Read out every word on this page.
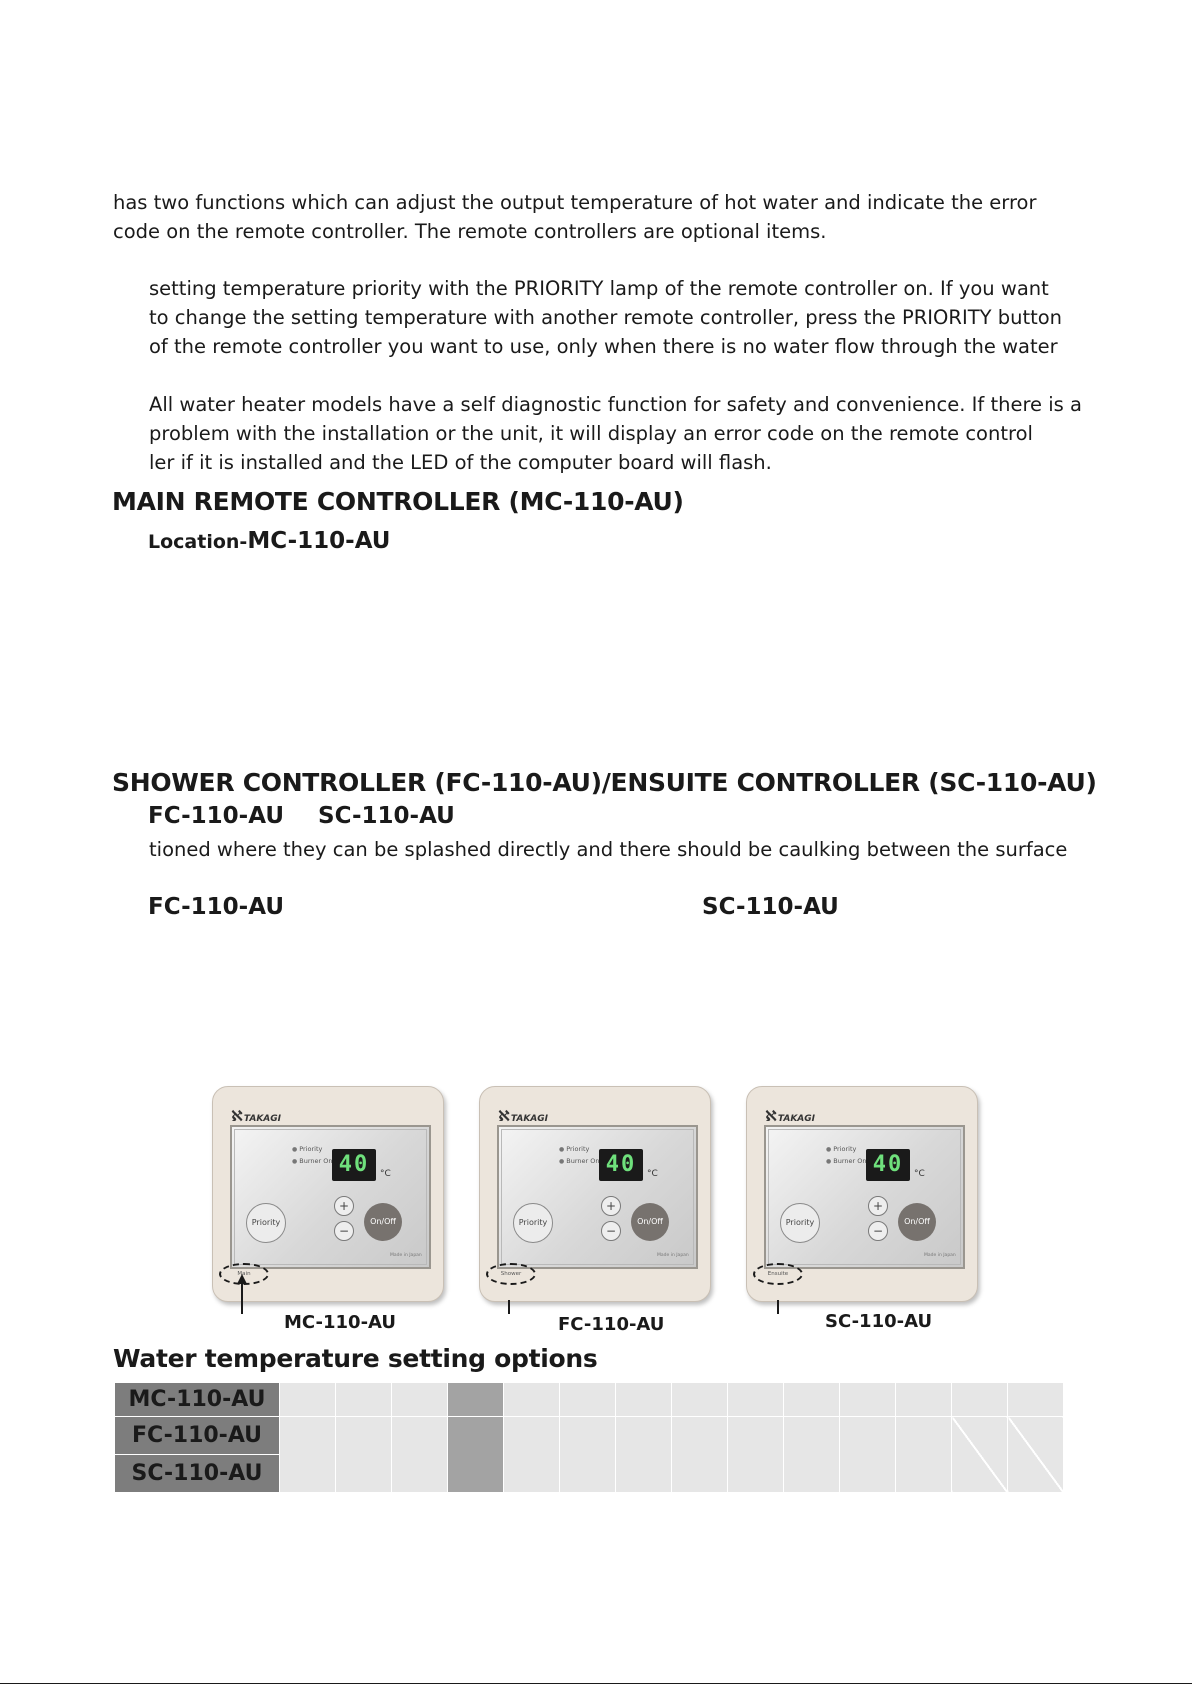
has two functions which can adjust the output temperature of hot water and indicate the error
code on the remote controller. The remote controllers are optional items.
setting temperature priority with the PRIORITY lamp of the remote controller on. If you want
to change the setting temperature with another remote controller, press the PRIORITY button
of the remote controller you want to use, only when there is no water flow through the water
All water heater models have a self diagnostic function for safety and convenience. If there is a
problem with the installation or the unit, it will display an error code on the remote control
ler if it is installed and the LED of the computer board will flash.
MAIN REMOTE CONTROLLER (MC-110-AU)
Location-MC-110-AU
SHOWER CONTROLLER (FC-110-AU)/ENSUITE CONTROLLER (SC-110-AU)
FC-110-AU SC-110-AU
tioned where they can be splashed directly and there should be caulking between the surface
FC-110-AU	SC-110-AU
ℵTAKAGI
● Priority
● Burner On 40	°C
Priority
+
−
On/Off
Made in Japan
Main
MC-110-AU
ℵTAKAGI
● Priority
● Burner On 40	°C
Priority
+
−
On/Off
Made in Japan
Shower
FC-110-AU
ℵTAKAGI
● Priority
● Burner On 40	°C
Priority
+
−
On/Off
Made in Japan
Ensuite
SC-110-AU
Water temperature setting options
MC-110-AU														
FC-110-AU														
SC-110-AU														
